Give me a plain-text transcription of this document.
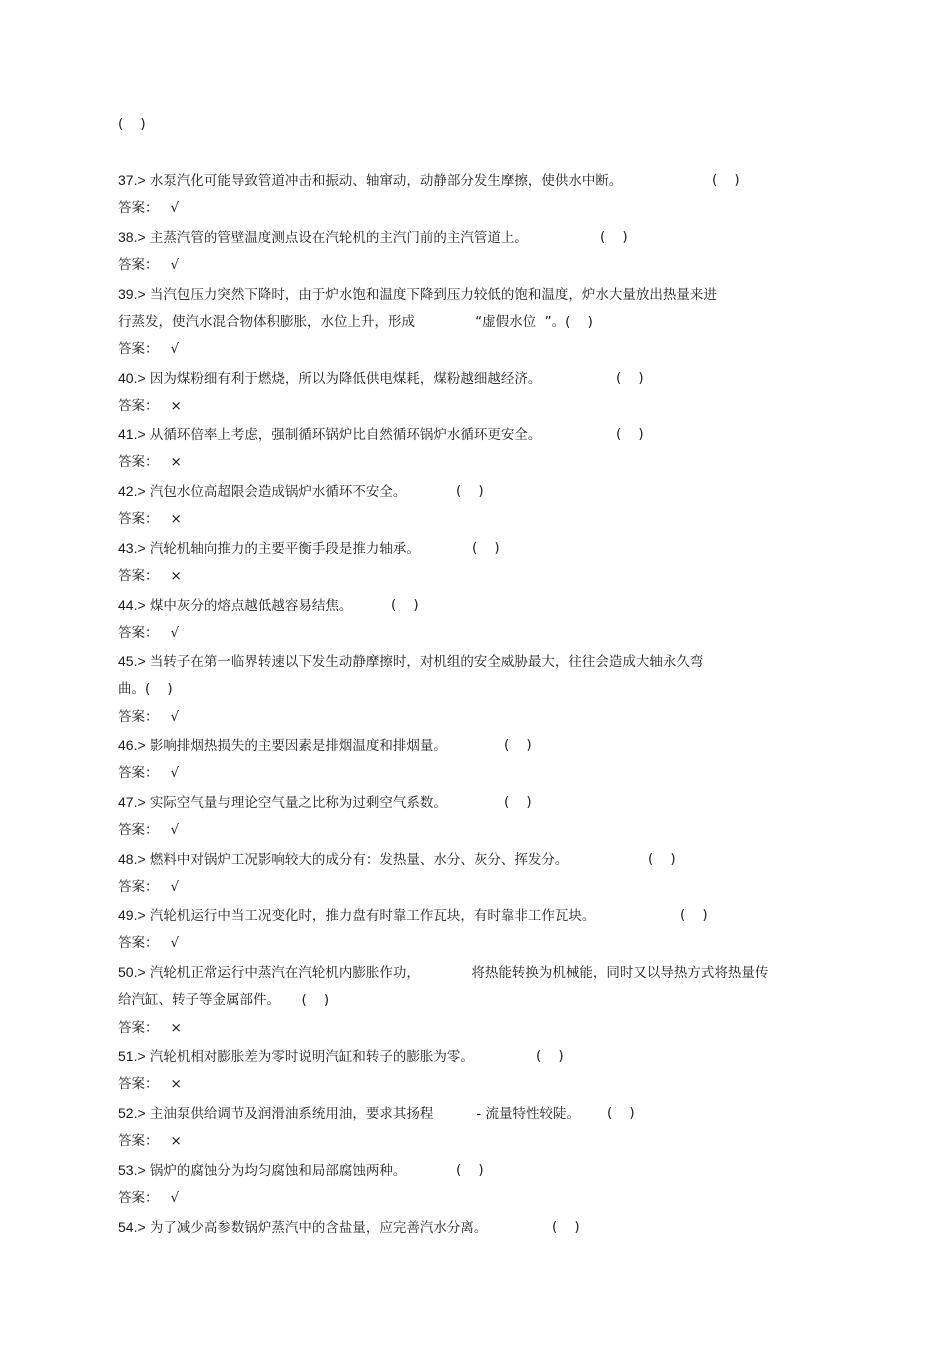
(    )
37.> 水泵汽化可能导致管道冲击和振动、轴窜动，动静部分发生摩擦，使供水中断。	(    )
答案： √
38.> 主蒸汽管的管壁温度测点设在汽轮机的主汽门前的主汽管道上。	(    )
答案： √
39.> 当汽包压力突然下降时，由于炉水饱和温度下降到压力较低的饱和温度，炉水大量放出热量来进
行蒸发，使汽水混合物体积膨胀，水位上升，形成              “虚假水位  ”。(    )
答案： √
40.> 因为煤粉细有利于燃烧，所以为降低供电煤耗，煤粉越细越经济。	(    )
答案： ×
41.> 从循环倍率上考虑，强制循环锅炉比自然循环锅炉水循环更安全。	(    )
答案： ×
42.> 汽包水位高超限会造成锅炉水循环不安全。	(    )
答案： ×
43.> 汽轮机轴向推力的主要平衡手段是推力轴承。	(    )
答案： ×
44.> 煤中灰分的熔点越低越容易结焦。	(    )
答案： √
45.> 当转子在第一临界转速以下发生动静摩擦时，对机组的安全威胁最大，往往会造成大轴永久弯
曲。(    )
答案： √
46.> 影响排烟热损失的主要因素是排烟温度和排烟量。	(    )
答案： √
47.> 实际空气量与理论空气量之比称为过剩空气系数。	(    )
答案： √
48.> 燃料中对锅炉工况影响较大的成分有：发热量、水分、灰分、挥发分。	(    )
答案： √
49.> 汽轮机运行中当工况变化时，推力盘有时靠工作瓦块，有时靠非工作瓦块。	(    )
答案： √
50.> 汽轮机正常运行中蒸汽在汽轮机内膨胀作功，            将热能转换为机械能，同时又以导热方式将热量传
给汽缸、转子等金属部件。     (    )
答案： ×
51.> 汽轮机相对膨胀差为零时说明汽缸和转子的膨胀为零。	(    )
答案： ×
52.> 主油泵供给调节及润滑油系统用油，要求其扬程          - 流量特性较陡。 (    )
答案： ×
53.> 锅炉的腐蚀分为均匀腐蚀和局部腐蚀两种。	(    )
答案： √
54.> 为了减少高参数锅炉蒸汽中的含盐量，应完善汽水分离。	(    )
